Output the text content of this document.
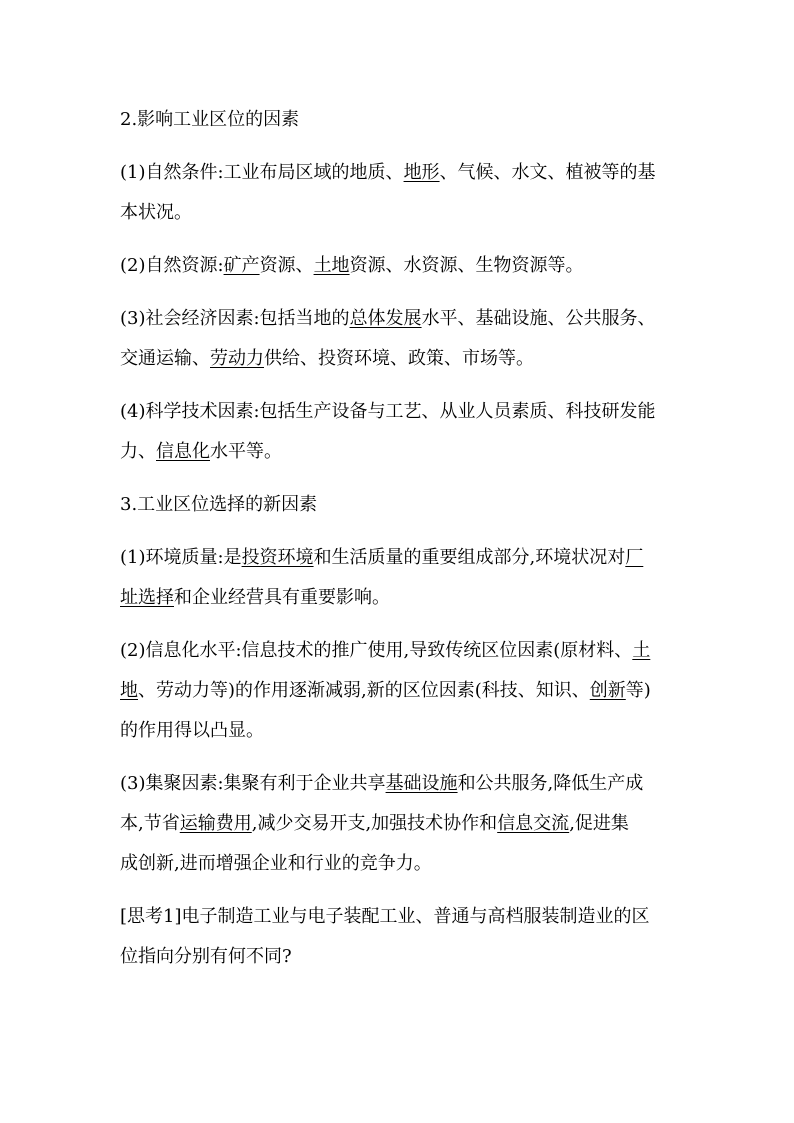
2.影响工业区位的因素
(1)自然条件:工业布局区域的地质、地形、气候、水文、植被等的基
本状况。
(2)自然资源:矿产资源、土地资源、水资源、生物资源等。
(3)社会经济因素:包括当地的总体发展水平、基础设施、公共服务、
交通运输、劳动力供给、投资环境、政策、市场等。
(4)科学技术因素:包括生产设备与工艺、从业人员素质、科技研发能
力、信息化水平等。
3.工业区位选择的新因素
(1)环境质量:是投资环境和生活质量的重要组成部分,环境状况对厂
址选择和企业经营具有重要影响。
(2)信息化水平:信息技术的推广使用,导致传统区位因素(原材料、土
地、劳动力等)的作用逐渐减弱,新的区位因素(科技、知识、创新等)
的作用得以凸显。
(3)集聚因素:集聚有利于企业共享基础设施和公共服务,降低生产成
本,节省运输费用,减少交易开支,加强技术协作和信息交流,促进集
成创新,进而增强企业和行业的竞争力。
[思考1]电子制造工业与电子装配工业、普通与高档服装制造业的区
位指向分别有何不同?
